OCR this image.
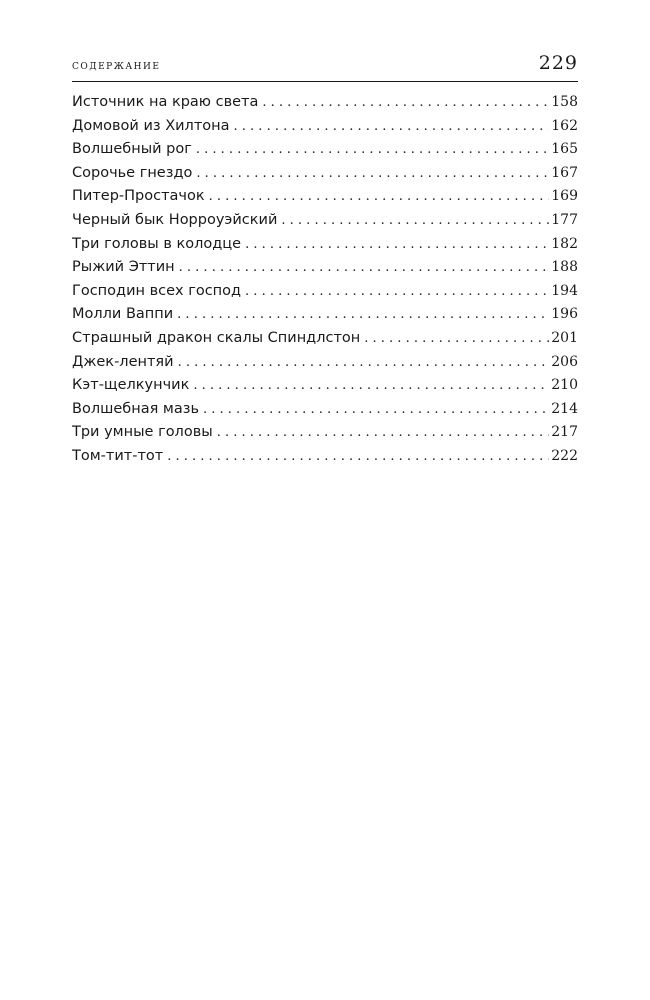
содержание	229
Источник на краю света . . .	158
Домовой из Хилтона . . .	162
Волшебный рог . . .	165
Сорочье гнездо . . .	167
Питер-Простачок . . .	169
Черный бык Норроуэйский . . .	177
Три головы в колодце . . .	182
Рыжий Эттин . . .	188
Господин всех господ . . .	194
Молли Ваппи . . .	196
Страшный дракон скалы Спиндлстон . . .	201
Джек-лентяй . . .	206
Кэт-щелкунчик . . .	210
Волшебная мазь . . .	214
Три умные головы . . .	217
Том-тит-тот . . .	222
